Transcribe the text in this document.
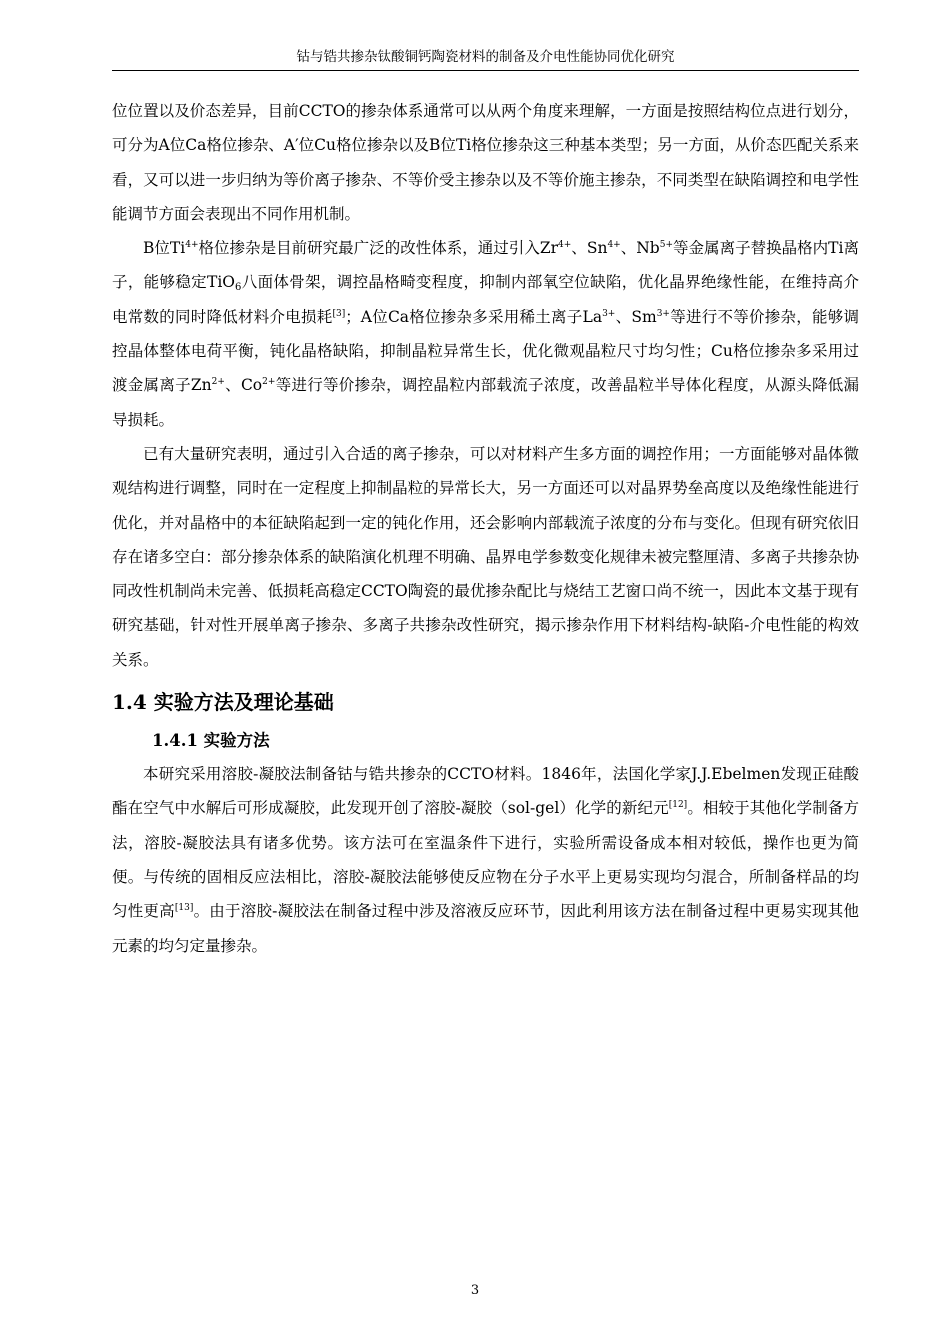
钴与锆共掺杂钛酸铜钙陶瓷材料的制备及介电性能协同优化研究

位位置以及价态差异，目前CCTO的掺杂体系通常可以从两个角度来理解，一方面是按照结构位点进行划分，可分为A位Ca格位掺杂、A′位Cu格位掺杂以及B位Ti格位掺杂这三种基本类型；另一方面，从价态匹配关系来看，又可以进一步归纳为等价离子掺杂、不等价受主掺杂以及不等价施主掺杂，不同类型在缺陷调控和电学性能调节方面会表现出不同作用机制。

B位$Ti^{4+}$格位掺杂是目前研究最广泛的改性体系，通过引入$Zr^{4+}$、$Sn^{4+}$、$Nb^{5+}$等金属离子替换晶格内Ti离子，能够稳定TiO$_6$八面体骨架，调控晶格畸变程度，抑制内部氧空位缺陷，优化晶界绝缘性能，在维持高介电常数的同时降低材料介电损耗[3]；A位Ca格位掺杂多采用稀土离子$La^{3+}$、$Sm^{3+}$等进行不等价掺杂，能够调控晶体整体电荷平衡，钝化晶格缺陷，抑制晶粒异常生长，优化微观晶粒尺寸均匀性；Cu格位掺杂多采用过渡金属离子$Zn^{2+}$、$Co^{2+}$等进行等价掺杂，调控晶粒内部载流子浓度，改善晶粒半导体化程度，从源头降低漏导损耗。

已有大量研究表明，通过引入合适的离子掺杂，可以对材料产生多方面的调控作用；一方面能够对晶体微观结构进行调整，同时在一定程度上抑制晶粒的异常长大，另一方面还可以对晶界势垒高度以及绝缘性能进行优化，并对晶格中的本征缺陷起到一定的钝化作用，还会影响内部载流子浓度的分布与变化。但现有研究依旧存在诸多空白：部分掺杂体系的缺陷演化机理不明确、晶界电学参数变化规律未被完整厘清、多离子共掺杂协同改性机制尚未完善、低损耗高稳定CCTO陶瓷的最优掺杂配比与烧结工艺窗口尚不统一，因此本文基于现有研究基础，针对性开展单离子掺杂、多离子共掺杂改性研究，揭示掺杂作用下材料结构-缺陷-介电性能的构效关系。

1.4 实验方法及理论基础
1.4.1 实验方法

本研究采用溶胶-凝胶法制备钴与锆共掺杂的CCTO材料。1846年，法国化学家J.J.Ebelmen发现正硅酸酯在空气中水解后可形成凝胶，此发现开创了溶胶-凝胶（sol-gel）化学的新纪元[12]。相较于其他化学制备方法，溶胶-凝胶法具有诸多优势。该方法可在室温条件下进行，实验所需设备成本相对较低，操作也更为简便。与传统的固相反应法相比，溶胶-凝胶法能够使反应物在分子水平上更易实现均匀混合，所制备样品的均匀性更高[13]。由于溶胶-凝胶法在制备过程中涉及溶液反应环节，因此利用该方法在制备过程中更易实现其他元素的均匀定量掺杂。

3
